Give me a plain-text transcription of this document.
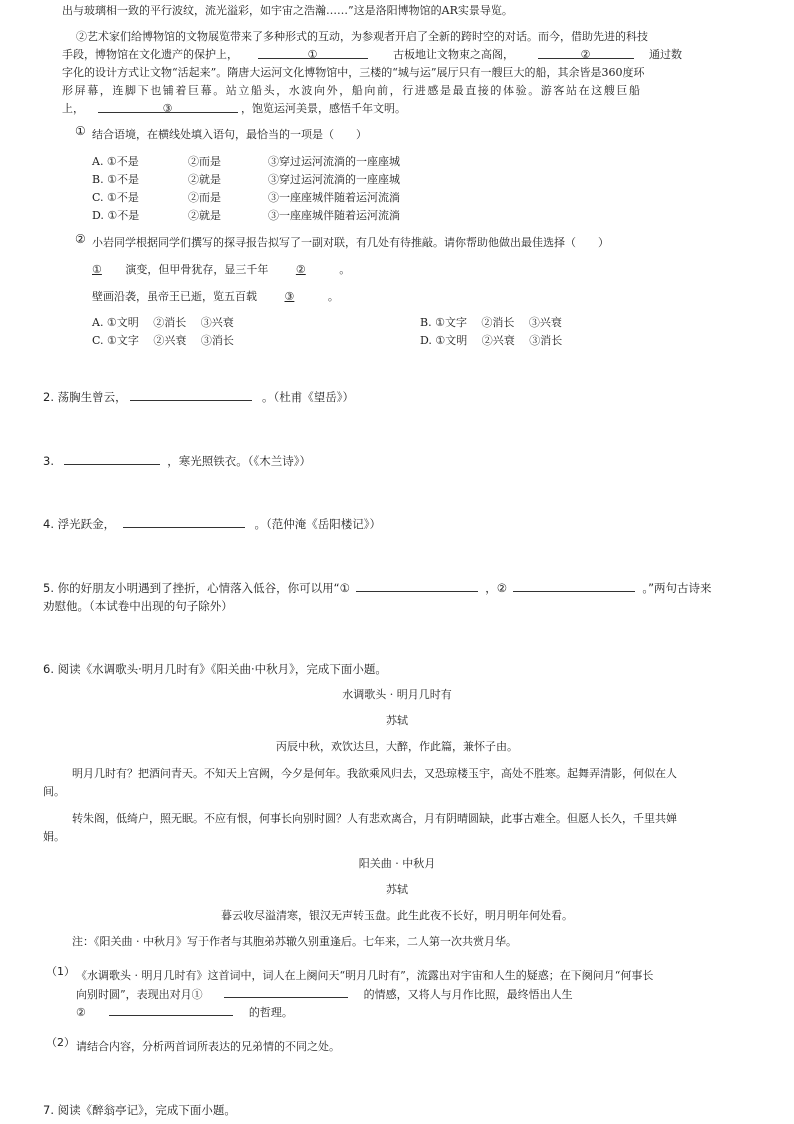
出与玻璃相一致的平行波纹，流光溢彩，如宇宙之浩瀚……”这是洛阳博物馆的AR实景导览。
②艺术家们给博物馆的文物展览带来了多种形式的互动，为参观者开启了全新的跨时空的对话。而今，借助先进的科技
手段，博物馆在文化遗产的保护上，	①	古板地让文物束之高阁，	②	通过数
字化的设计方式让文物“活起来”。隋唐大运河文化博物馆中，三楼的“城与运”展厅只有一艘巨大的船，其余皆是360度环
形屏幕，连脚下也铺着巨幕。站立船头，水波向外，船向前，行进感是最直接的体验。游客站在这艘巨船
上，	③	，饱览运河美景，感悟千年文明。
① 结合语境，在横线处填入语句，最恰当的一项是（　　）
A. ①不是	②而是	③穿过运河流淌的一座座城
B. ①不是	②就是	③穿过运河流淌的一座座城
C. ①不是	②而是	③一座座城伴随着运河流淌
D. ①不是	②就是	③一座座城伴随着运河流淌
② 小岩同学根据同学们撰写的探寻报告拟写了一副对联，有几处有待推敲。请你帮助他做出最佳选择（　　）
① 演变，但甲骨犹存，显三千年	②	。
壁画沿袭，虽帝王已逝，览五百载	③	。
A. ①文明　 ②消长　 ③兴衰	B. ①文字　 ②消长　 ③兴衰
C. ①文字　 ②兴衰　 ③消长	D. ①文明　 ②兴衰　 ③消长
2. 荡胸生曾云，	。（杜甫《望岳》）
3.	，寒光照铁衣。（《木兰诗》）
4. 浮光跃金，	。（范仲淹《岳阳楼记》）
5. 你的好朋友小明遇到了挫折，心情落入低谷，你可以用“①	，②	。”两句古诗来
劝慰他。（本试卷中出现的句子除外）
6. 阅读《水调歌头·明月几时有》《阳关曲·中秋月》，完成下面小题。
水调歌头 · 明月几时有
苏轼
丙辰中秋，欢饮达旦，大醉，作此篇，兼怀子由。
明月几时有？把酒问青天。不知天上宫阙，今夕是何年。我欲乘风归去，又恐琼楼玉宇，高处不胜寒。起舞弄清影，何似在人
间。
转朱阁，低绮户，照无眠。不应有恨，何事长向别时圆？人有悲欢离合，月有阴晴圆缺，此事古难全。但愿人长久，千里共婵
娟。
阳关曲 · 中秋月
苏轼
暮云收尽溢清寒，银汉无声转玉盘。此生此夜不长好，明月明年何处看。
注：《阳关曲 · 中秋月》写于作者与其胞弟苏辙久别重逢后。七年来，二人第一次共赏月华。
（1） 《水调歌头 · 明月几时有》这首词中，词人在上阕问天“明月几时有”，流露出对宇宙和人生的疑惑；在下阕问月“何事长
向别时圆”，表现出对月①	的情感，又将人与月作比照，最终悟出人生
②	的哲理。
（2） 请结合内容，分析两首词所表达的兄弟情的不同之处。
7. 阅读《醉翁亭记》，完成下面小题。
